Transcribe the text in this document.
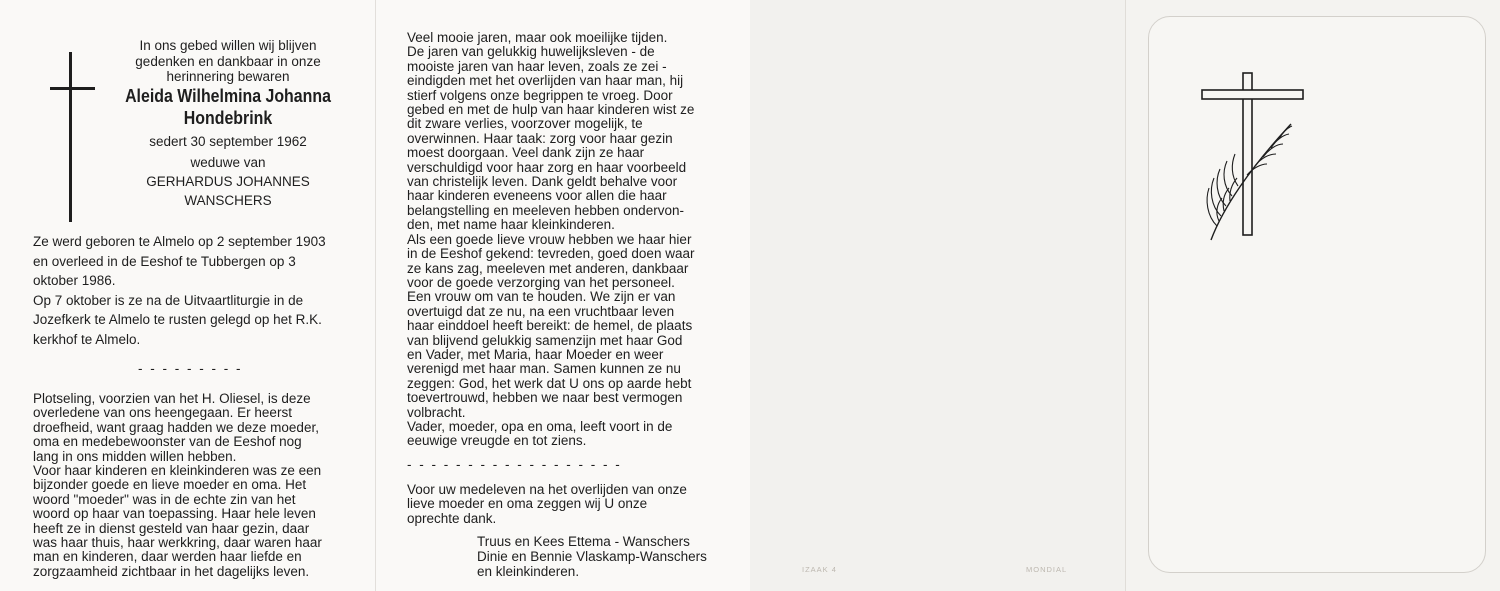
In ons gebed willen wij blijven
gedenken en dankbaar in onze
herinnering bewaren
Aleida Wilhelmina Johanna
Hondebrink
sedert 30 september 1962
weduwe van
GERHARDUS JOHANNES
WANSCHERS
Ze werd geboren te Almelo op 2 september 1903
en overleed in de Eeshof te Tubbergen op 3
oktober 1986.
Op 7 oktober is ze na de Uitvaartliturgie in de
Jozefkerk te Almelo te rusten gelegd op het R.K.
kerkhof te Almelo.
- - - - - - - - -
Plotseling, voorzien van het H. Oliesel, is deze
overledene van ons heengegaan. Er heerst
droefheid, want graag hadden we deze moeder,
oma en medebewoonster van de Eeshof nog
lang in ons midden willen hebben.
Voor haar kinderen en kleinkinderen was ze een
bijzonder goede en lieve moeder en oma. Het
woord "moeder" was in de echte zin van het
woord op haar van toepassing. Haar hele leven
heeft ze in dienst gesteld van haar gezin, daar
was haar thuis, haar werkkring, daar waren haar
man en kinderen, daar werden haar liefde en
zorgzaamheid zichtbaar in het dagelijks leven.
Veel mooie jaren, maar ook moeilijke tijden.
De jaren van gelukkig huwelijksleven - de
mooiste jaren van haar leven, zoals ze zei -
eindigden met het overlijden van haar man, hij
stierf volgens onze begrippen te vroeg. Door
gebed en met de hulp van haar kinderen wist ze
dit zware verlies, voorzover mogelijk, te
overwinnen. Haar taak: zorg voor haar gezin
moest doorgaan. Veel dank zijn ze haar
verschuldigd voor haar zorg en haar voorbeeld
van christelijk leven. Dank geldt behalve voor
haar kinderen eveneens voor allen die haar
belangstelling en meeleven hebben ondervon-
den, met name haar kleinkinderen.
Als een goede lieve vrouw hebben we haar hier
in de Eeshof gekend: tevreden, goed doen waar
ze kans zag, meeleven met anderen, dankbaar
voor de goede verzorging van het personeel.
Een vrouw om van te houden. We zijn er van
overtuigd dat ze nu, na een vruchtbaar leven
haar einddoel heeft bereikt: de hemel, de plaats
van blijvend gelukkig samenzijn met haar God
en Vader, met Maria, haar Moeder en weer
verenigd met haar man. Samen kunnen ze nu
zeggen: God, het werk dat U ons op aarde hebt
toevertrouwd, hebben we naar best vermogen
volbracht.
Vader, moeder, opa en oma, leeft voort in de
eeuwige vreugde en tot ziens.
- - - - - - - - - - - - - - - - - -
Voor uw medeleven na het overlijden van onze
lieve moeder en oma zeggen wij U onze
oprechte dank.
Truus en Kees Ettema - Wanschers
Dinie en Bennie Vlaskamp-Wanschers
en kleinkinderen.	IZAAK 4	MONDIAL
